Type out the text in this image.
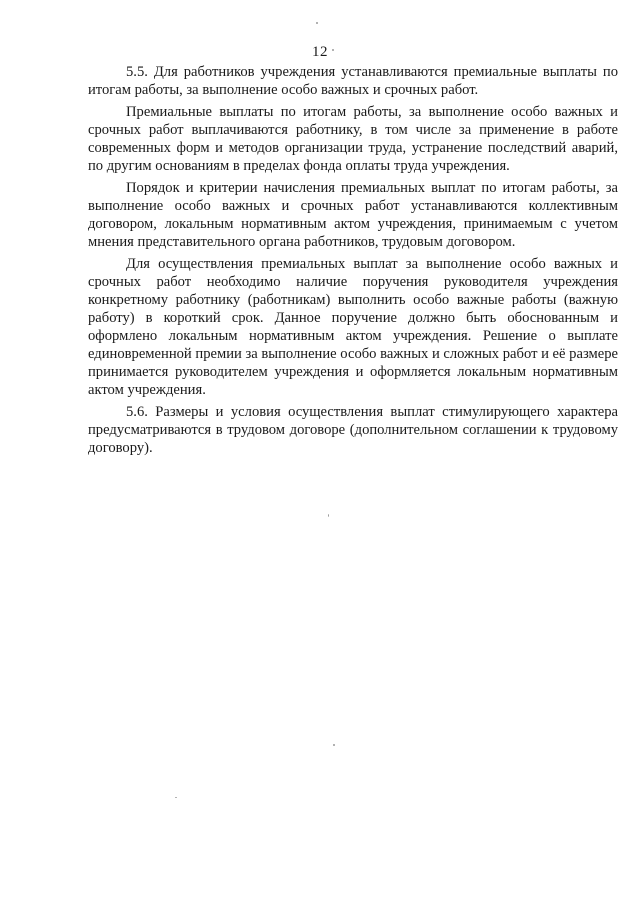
12

5.5. Для работников учреждения устанавливаются премиальные выплаты по итогам работы, за выполнение особо важных и срочных работ.

Премиальные выплаты по итогам работы, за выполнение особо важных и срочных работ выплачиваются работнику, в том числе за применение в работе современных форм и методов организации труда, устранение последствий аварий, по другим основаниям в пределах фонда оплаты труда учреждения.

Порядок и критерии начисления премиальных выплат по итогам работы, за выполнение особо важных и срочных работ устанавливаются коллективным договором, локальным нормативным актом учреждения, принимаемым с учетом мнения представительного органа работников, трудовым договором.

Для осуществления премиальных выплат за выполнение особо важных и срочных работ необходимо наличие поручения руководителя учреждения конкретному работнику (работникам) выполнить особо важные работы (важную работу) в короткий срок. Данное поручение должно быть обоснованным и оформлено локальным нормативным актом учреждения. Решение о выплате единовременной премии за выполнение особо важных и сложных работ и её размере принимается руководителем учреждения и оформляется локальным нормативным актом учреждения.

5.6. Размеры и условия осуществления выплат стимулирующего характера предусматриваются в трудовом договоре (дополнительном соглашении к трудовому договору).
